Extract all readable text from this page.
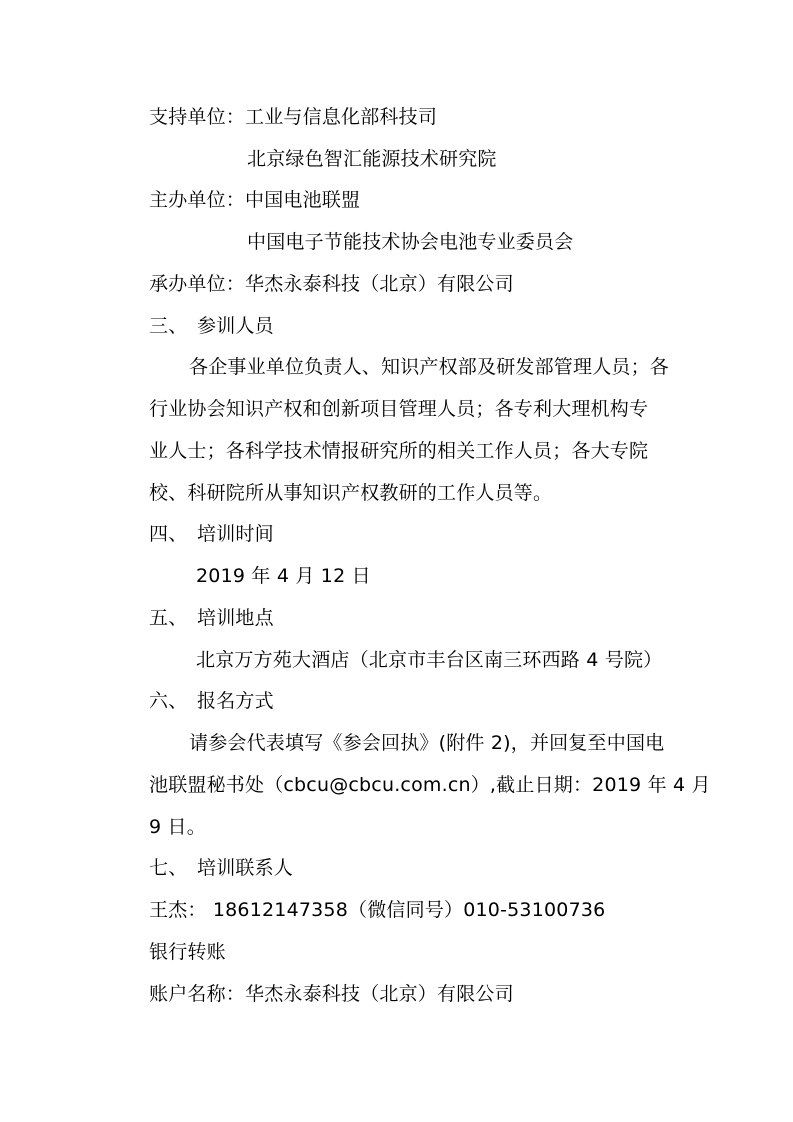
支持单位：工业与信息化部科技司
北京绿色智汇能源技术研究院
主办单位：中国电池联盟
中国电子节能技术协会电池专业委员会
承办单位：华杰永泰科技（北京）有限公司
三、 参训人员
各企事业单位负责人、知识产权部及研发部管理人员；各
行业协会知识产权和创新项目管理人员；各专利大理机构专
业人士；各科学技术情报研究所的相关工作人员；各大专院
校、科研院所从事知识产权教研的工作人员等。
四、 培训时间
2019 年 4 月 12 日
五、 培训地点
北京万方苑大酒店（北京市丰台区南三环西路 4 号院）
六、 报名方式
请参会代表填写《参会回执》(附件 2)，并回复至中国电
池联盟秘书处（cbcu@cbcu.com.cn）,截止日期：2019 年 4 月
9 日。
七、 培训联系人
王杰： 18612147358（微信同号）010-53100736
银行转账
账户名称：华杰永泰科技（北京）有限公司
